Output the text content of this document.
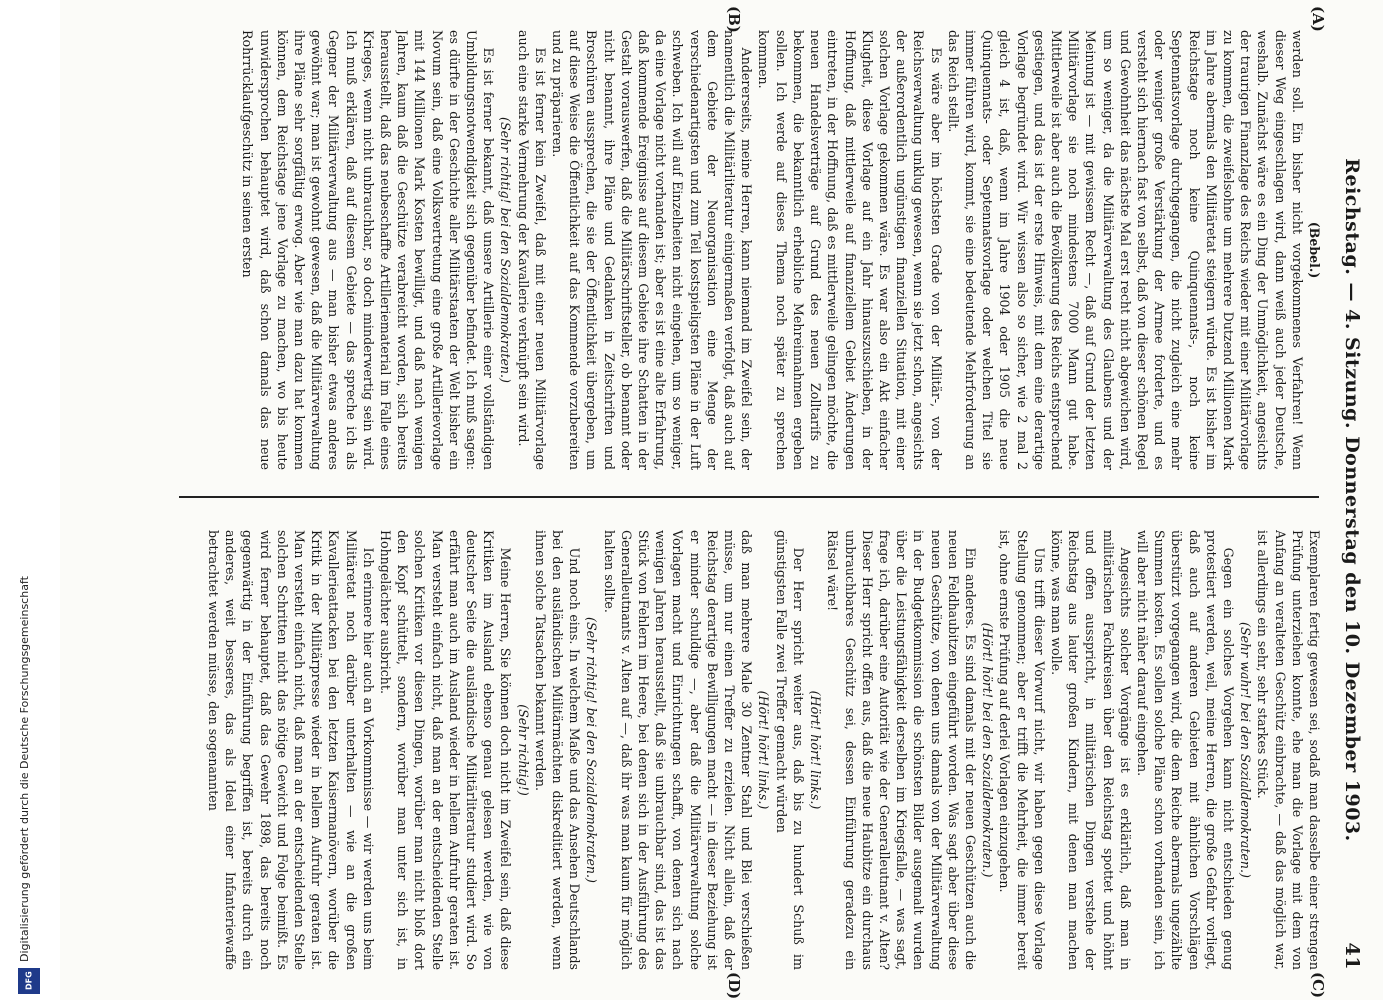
Digitalisierung gefördert durch die Deutsche Forschungsgemeinschaft
DFG
Reichstag. — 4. Sitzung. Donnerstag den 10. Dezember 1903.
41
(A)
(B)
(C)
(D)

(Bebel.)

werden soll. Ein bisher nicht vorgekommenes Verfahren! Wenn dieser Weg eingeschlagen wird, dann weiß auch jeder Deutsche, weshalb. Zunächst wäre es ein Ding der Unmöglichkeit, angesichts der traurigen Finanzlage des Reichs wieder mit einer Militärvorlage zu kommen, die zweifelsohne um mehrere Dutzend Millionen Mark im Jahre abermals den Militäretat steigern würde. Es ist bisher im Reichstage noch keine Quinquennats-, noch keine Septennatsvorlage durchgegangen, die nicht zugleich eine mehr oder weniger große Verstärkung der Armee forderte, und es versteht sich hiernach fast von selbst, daß von dieser schönen Regel und Gewohnheit das nächste Mal erst recht nicht abgewichen wird, um so weniger, da die Militärverwaltung des Glaubens und der Meinung ist — mit gewissem Recht —, daß auf Grund der letzten Militärvorlage sie noch mindestens 7000 Mann gut habe. Mittlerweile ist aber auch die Bevölkerung des Reichs entsprechend gestiegen, und das ist der erste Hinweis, mit dem eine derartige Vorlage begründet wird. Wir wissen also so sicher, wie 2 mal 2 gleich 4 ist, daß, wenn im Jahre 1904 oder 1905 die neue Quinquennats- oder Septennatsvorlage oder welchen Titel sie immer führen wird, kommt, sie eine bedeutende Mehrforderung an das Reich stellt.

Es wäre aber im höchsten Grade von der Militär-, von der Reichsverwaltung unklug gewesen, wenn sie jetzt schon, angesichts der außerordentlich ungünstigen finanziellen Situation, mit einer solchen Vorlage gekommen wäre. Es war also ein Akt einfacher Klugheit, diese Vorlage auf ein Jahr hinauszuschieben, in der Hoffnung, daß mittlerweile auf finanziellem Gebiet Änderungen eintreten, in der Hoffnung, daß es mittlerweile gelingen möchte, die neuen Handelsverträge auf Grund des neuen Zolltarifs zu bekommen, die bekanntlich erhebliche Mehreinnahmen ergeben sollen. Ich werde auf dieses Thema noch später zu sprechen kommen.

Andererseits, meine Herren, kann niemand im Zweifel sein, der namentlich die Militärliteratur einigermaßen verfolgt, daß auch auf dem Gebiete der Neuorganisation eine Menge der verschiedenartigsten und zum Teil kostspieligsten Pläne in der Luft schweben. Ich will auf Einzelheiten nicht eingehen, um so weniger, da eine Vorlage nicht vorhanden ist; aber es ist eine alte Erfahrung, daß kommende Ereignisse auf diesem Gebiete ihre Schatten in der Gestalt vorauswerfen, daß die Militärschriftsteller, ob benannt oder nicht benannt, ihre Pläne und Gedanken in Zeitschriften und Broschüren aussprechen, die sie der Öffentlichkeit übergeben, um auf diese Weise die Öffentlichkeit auf das Kommende vorzubereiten und zu präparieren.

Es ist ferner kein Zweifel, daß mit einer neuen Militärvorlage auch eine starke Vermehrung der Kavallerie verknüpft sein wird.

(Sehr richtig! bei den Sozialdemokraten.)

Es ist ferner bekannt, daß unsere Artillerie einer vollständigen Umbildungsnotwendigkeit sich gegenüber befindet. Ich muß sagen: es dürfte in der Geschichte aller Militärstaaten der Welt bisher ein Novum sein, daß eine Volksvertretung eine große Artillerievorlage mit 144 Millionen Mark Kosten bewilligt, und daß nach wenigen Jahren, kaum daß die Geschütze verabreicht worden, sich bereits herausstellt, daß das neubeschaffte Artilleriematerial im Falle eines Krieges, wenn nicht unbrauchbar, so doch minderwertig sein wird. Ich muß erklären, daß auf diesem Gebiete — das spreche ich als Gegner der Militärverwaltung aus — man bisher etwas anderes gewöhnt war; man ist gewohnt gewesen, daß die Militärverwaltung ihre Pläne sehr sorgfältig erwog. Aber wie man dazu hat kommen können, dem Reichstage jene Vorlage zu machen, wo bis heute unwidersprochen behauptet wird, daß schon damals das neue Rohrrücklaufgeschütz in seinen ersten

Exemplaren fertig gewesen sei, sodaß man dasselbe einer strengen Prüfung unterziehen konnte, ehe man die Vorlage mit dem von Anfang an veralteten Geschütz einbrachte, — daß das möglich war, ist allerdings ein sehr, sehr starkes Stück.

(Sehr wahr! bei den Sozialdemokraten.)

Gegen ein solches Vorgehen kann nicht entschieden genug protestiert werden, weil, meine Herren, die große Gefahr vorliegt, daß auch auf anderen Gebieten mit ähnlichen Vorschlägen überstürzt vorgegangen wird, die dem Reiche abermals ungezählte Summen kosten. Es sollen solche Pläne schon vorhanden sein, ich will aber nicht näher darauf eingehen.

Angesichts solcher Vorgänge ist es erklärlich, daß man in militärischen Fachkreisen über den Reichstag spottet und höhnt und offen ausspricht, in militärischen Dingen verstehe der Reichstag aus lauter großen Kindern, mit denen man machen könne, was man wolle.

Uns trifft dieser Vorwurf nicht, wir haben gegen diese Vorlage Stellung genommen; aber er trifft die Mehrheit, die immer bereit ist, ohne ernste Prüfung auf derlei Vorlagen einzugehen.

(Hört! hört! bei den Sozialdemokraten.)

Ein anderes. Es sind damals mit der neuen Geschützen auch die neuen Feldhaubitzen eingeführt worden. Was sagt aber über diese neuen Geschütze, von denen uns damals von der Militärverwaltung in der Budgetkommission die schönsten Bilder ausgemalt wurden über die Leistungsfähigkeit derselben im Kriegsfalle, — was sagt, frage ich, darüber eine Autorität wie der Generalleutnant v. Alten? Dieser Herr spricht offen aus, daß die neue Haubitze ein durchaus unbrauchbares Geschütz sei, dessen Einführung geradezu ein Rätsel wäre!

(Hört! hört! links.)

Der Herr spricht weiter aus, daß bis zu hundert Schuß im günstigsten Falle zwei Treffer gemacht würden

(Hört! hört! links.)

daß man mehrere Male 30 Zentner Stahl und Blei verschießen müsse, um nur einen Treffer zu erzielen. Nicht allein, daß der Reichstag derartige Bewilligungen macht — in dieser Beziehung ist er minder schuldige —, aber daß die Militärverwaltung solche Vorlagen macht und Einrichtungen schafft, von denen sich nach wenigen Jahren herausstellt, daß sie unbrauchbar sind, das ist das Stück von Fehlern im Heere, bei denen sich in der Ausführung des Generalleutnants v. Alten auf —, daß ihr was man kaum für möglich halten sollte.

(Sehr richtig! bei den Sozialdemokraten.)

Und noch eins. In welchem Maße und das Ansehen Deutschlands bei den ausländischen Militärmächten diskreditiert werden, wenn ihnen solche Tatsachen bekannt werden.

(Sehr richtig!)

Meine Herren, Sie können doch nicht im Zweifel sein, daß diese Kritiken im Ausland ebenso genau gelesen werden, wie von deutscher Seite die ausländische Militärliteratur studiert wird. So erfährt man auch im Ausland wieder in hellem Aufruhr geraten ist. Man versteht einfach nicht, daß man an der entscheidenden Stelle solchen Kritiken vor diesen Dingen, worüber man nicht bloß dort den Kopf schüttelt, sondern, worüber man unter sich ist, in Hohngelächter ausbricht.

Ich erinnere hier auch an Vorkommnisse — wir werden uns beim Militäretat noch darüber unterhalten — wie an die großen Kavallerieattacken bei den letzten Kaisermanövern, worüber die Kritik in der Militärpresse wieder in hellem Aufruhr geraten ist. Man versteht einfach nicht, daß man an der entscheidenden Stelle solchen Schritten nicht das nötige Gewicht und Folge beimißt. Es wird ferner behauptet, daß das Gewehr 1898, das bereits noch gegenwärtig in der Einführung begriffen ist, bereits durch ein anderes, weit besseres, das als Ideal einer Infanteriewaffe betrachtet werden müsse, den sogenannten
